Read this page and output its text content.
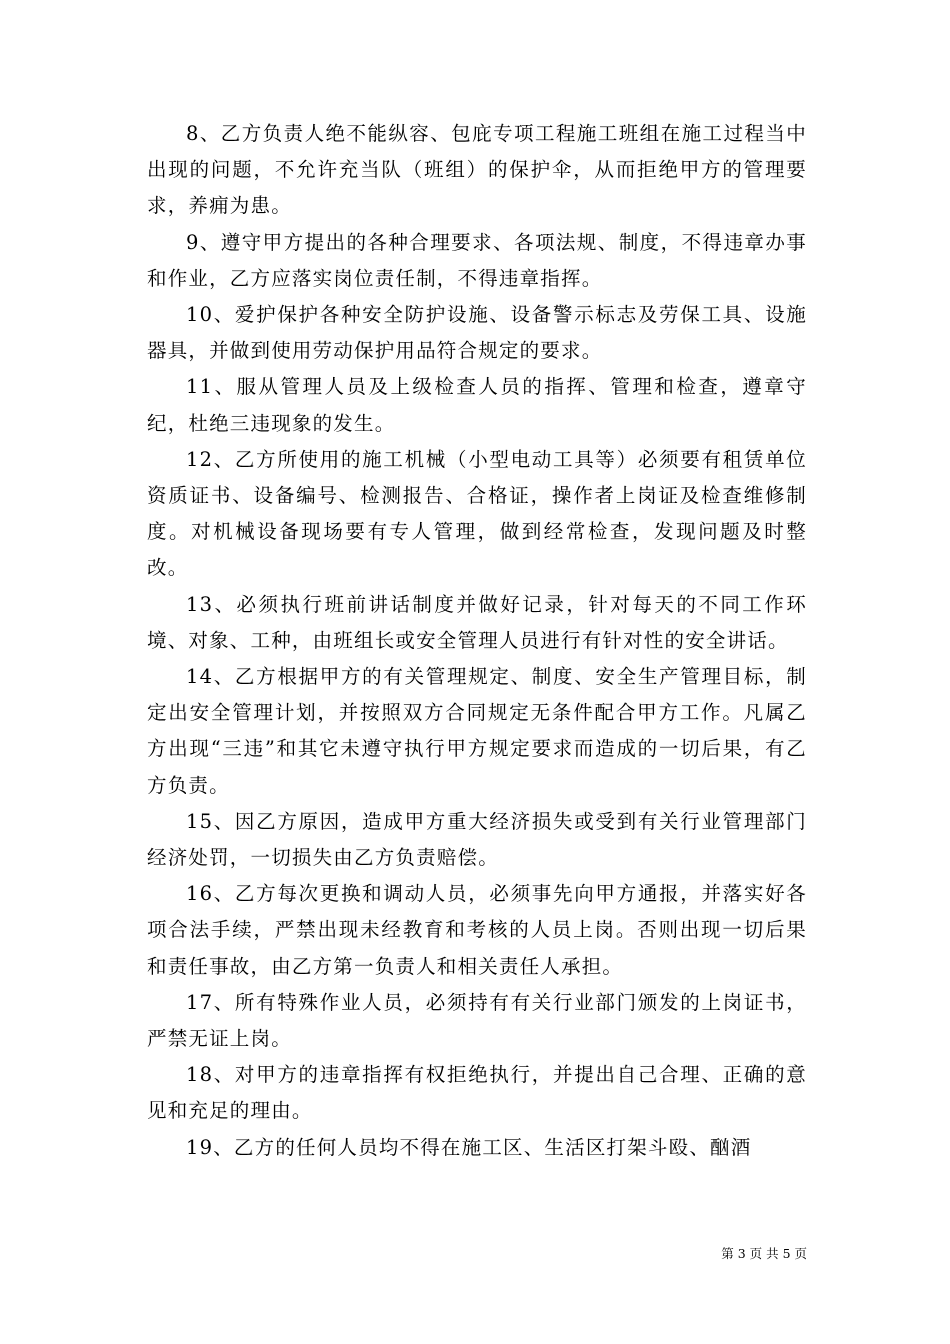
8、乙方负责人绝不能纵容、包庇专项工程施工班组在施工过程当中出现的问题，不允许充当队（班组）的保护伞，从而拒绝甲方的管理要求，养痈为患。

9、遵守甲方提出的各种合理要求、各项法规、制度，不得违章办事和作业，乙方应落实岗位责任制，不得违章指挥。

10、爱护保护各种安全防护设施、设备警示标志及劳保工具、设施器具，并做到使用劳动保护用品符合规定的要求。

11、服从管理人员及上级检查人员的指挥、管理和检查，遵章守纪，杜绝三违现象的发生。

12、乙方所使用的施工机械（小型电动工具等）必须要有租赁单位资质证书、设备编号、检测报告、合格证，操作者上岗证及检查维修制度。对机械设备现场要有专人管理，做到经常检查，发现问题及时整改。

13、必须执行班前讲话制度并做好记录，针对每天的不同工作环境、对象、工种，由班组长或安全管理人员进行有针对性的安全讲话。

14、乙方根据甲方的有关管理规定、制度、安全生产管理目标，制定出安全管理计划，并按照双方合同规定无条件配合甲方工作。凡属乙方出现“三违”和其它未遵守执行甲方规定要求而造成的一切后果，有乙方负责。

15、因乙方原因，造成甲方重大经济损失或受到有关行业管理部门经济处罚，一切损失由乙方负责赔偿。

16、乙方每次更换和调动人员，必须事先向甲方通报，并落实好各项合法手续，严禁出现未经教育和考核的人员上岗。否则出现一切后果和责任事故，由乙方第一负责人和相关责任人承担。

17、所有特殊作业人员，必须持有有关行业部门颁发的上岗证书，严禁无证上岗。

18、对甲方的违章指挥有权拒绝执行，并提出自己合理、正确的意见和充足的理由。

19、乙方的任何人员均不得在施工区、生活区打架斗殴、酗酒

第 3 页 共 5 页
